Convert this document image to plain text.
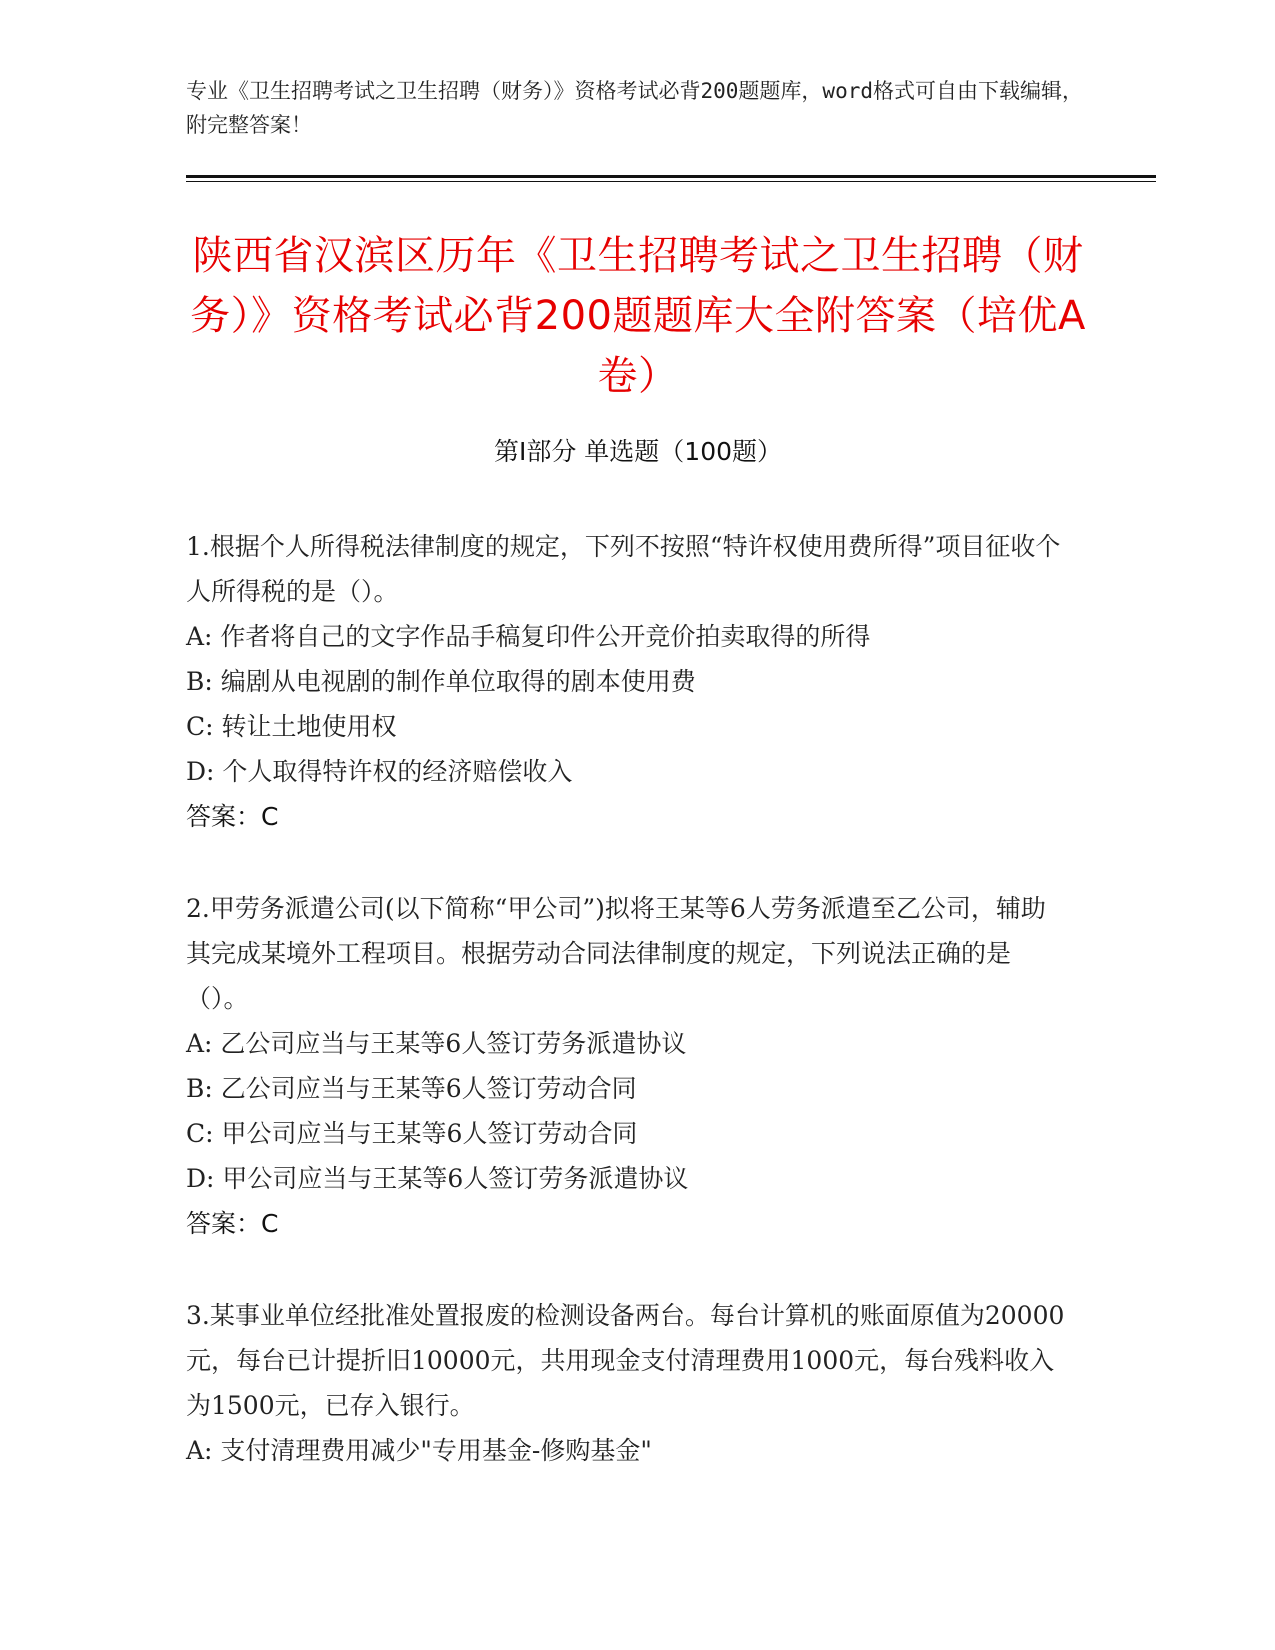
专业《卫生招聘考试之卫生招聘（财务）》资格考试必背200题题库，word格式可自由下载编辑，附完整答案！
陕西省汉滨区历年《卫生招聘考试之卫生招聘（财务）》资格考试必背200题题库大全附答案（培优A卷）
第Ⅰ部分 单选题（100题）

1.根据个人所得税法律制度的规定，下列不按照“特许权使用费所得”项目征收个人所得税的是（）。

A: 作者将自己的文字作品手稿复印件公开竞价拍卖取得的所得

B: 编剧从电视剧的制作单位取得的剧本使用费

C: 转让土地使用权

D: 个人取得特许权的经济赔偿收入

答案：C

2.甲劳务派遣公司(以下简称“甲公司”)拟将王某等6人劳务派遣至乙公司，辅助其完成某境外工程项目。根据劳动合同法律制度的规定，下列说法正确的是（）。

A: 乙公司应当与王某等6人签订劳务派遣协议

B: 乙公司应当与王某等6人签订劳动合同

C: 甲公司应当与王某等6人签订劳动合同

D: 甲公司应当与王某等6人签订劳务派遣协议

答案：C

3.某事业单位经批准处置报废的检测设备两台。每台计算机的账面原值为20000元，每台已计提折旧10000元，共用现金支付清理费用1000元，每台残料收入为1500元，已存入银行。

A: 支付清理费用减少"专用基金-修购基金"
